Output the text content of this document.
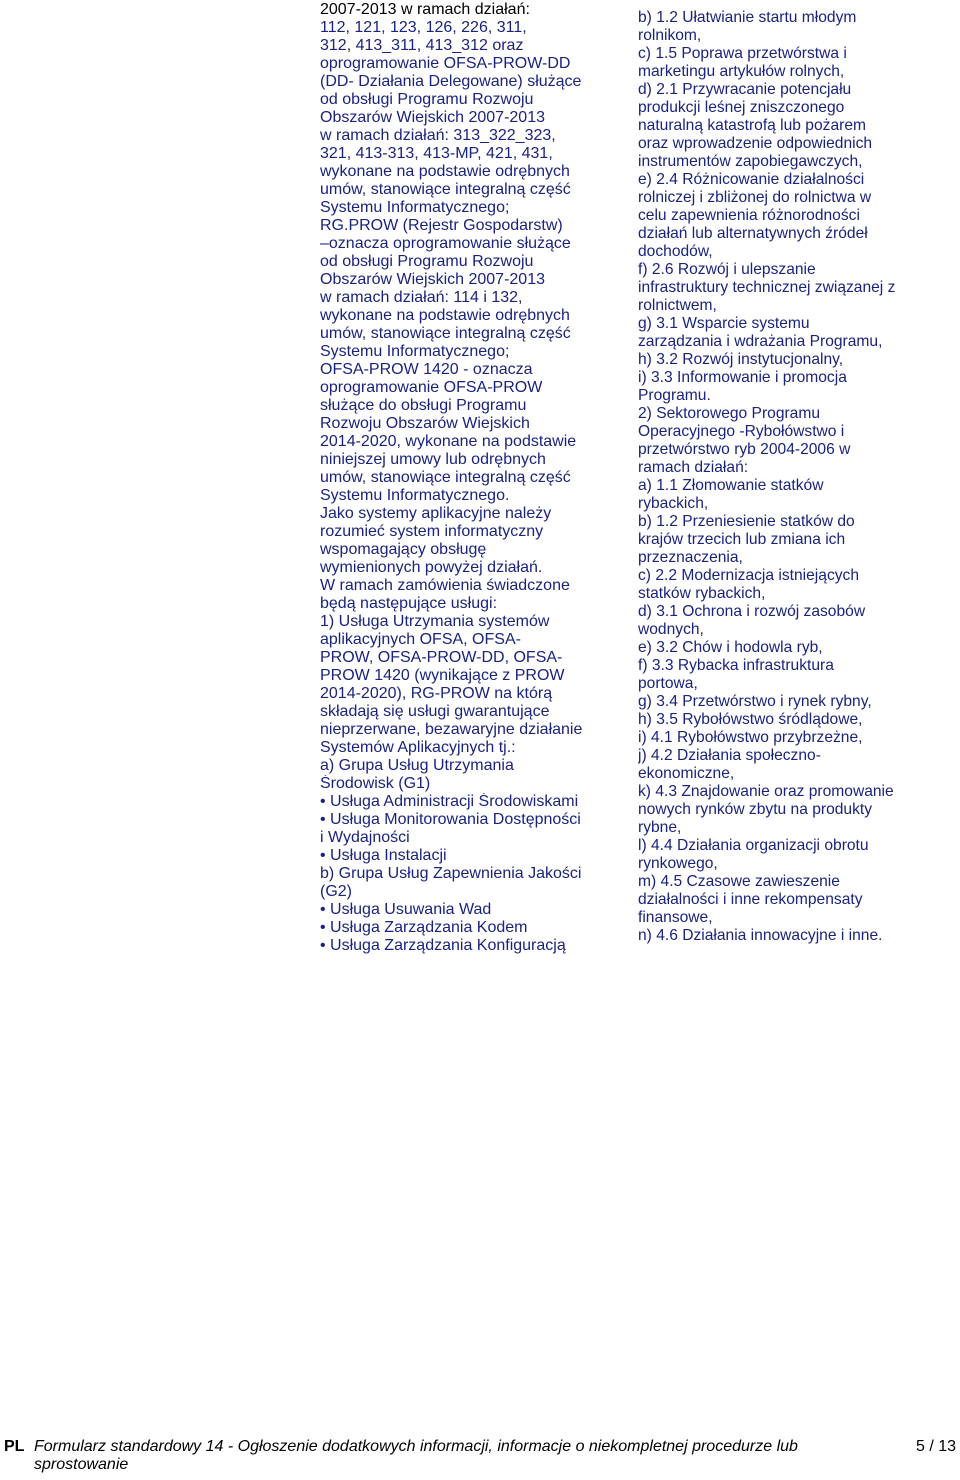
2007-2013 w ramach działań:
112, 121, 123, 126, 226, 311,
312, 413_311, 413_312 oraz
oprogramowanie OFSA-PROW-DD
(DD- Działania Delegowane) służące
od obsługi Programu Rozwoju
Obszarów Wiejskich 2007-2013
w ramach działań: 313_322_323,
321, 413-313, 413-MP, 421, 431,
wykonane na podstawie odrębnych
umów, stanowiące integralną część
Systemu Informatycznego;
RG.PROW (Rejestr Gospodarstw)
–oznacza oprogramowanie służące
od obsługi Programu Rozwoju
Obszarów Wiejskich 2007-2013
w ramach działań: 114 i 132,
wykonane na podstawie odrębnych
umów, stanowiące integralną część
Systemu Informatycznego;
OFSA-PROW 1420 - oznacza
oprogramowanie OFSA-PROW
służące do obsługi Programu
Rozwoju Obszarów Wiejskich
2014-2020, wykonane na podstawie
niniejszej umowy lub odrębnych
umów, stanowiące integralną część
Systemu Informatycznego.
Jako systemy aplikacyjne należy
rozumieć system informatyczny
wspomagający obsługę
wymienionych powyżej działań.
W ramach zamówienia świadczone
będą następujące usługi:
1) Usługa Utrzymania systemów
aplikacyjnych OFSA, OFSA-
PROW, OFSA-PROW-DD, OFSA-
PROW 1420 (wynikające z PROW
2014-2020), RG-PROW na którą
składają się usługi gwarantujące
nieprzerwane, bezawaryjne działanie
Systemów Aplikacyjnych tj.:
a) Grupa Usług Utrzymania
Środowisk (G1)
• Usługa Administracji Środowiskami
• Usługa Monitorowania Dostępności
i Wydajności
• Usługa Instalacji
b) Grupa Usług Zapewnienia Jakości
(G2)
• Usługa Usuwania Wad
• Usługa Zarządzania Kodem
• Usługa Zarządzania Konfiguracją
b) 1.2 Ułatwianie startu młodym
rolnikom,
c) 1.5 Poprawa przetwórstwa i
marketingu artykułów rolnych,
d) 2.1 Przywracanie potencjału
produkcji leśnej zniszczonego
naturalną katastrofą lub pożarem
oraz wprowadzenie odpowiednich
instrumentów zapobiegawczych,
e) 2.4 Różnicowanie działalności
rolniczej i zbliżonej do rolnictwa w
celu zapewnienia różnorodności
działań lub alternatywnych źródeł
dochodów,
f) 2.6 Rozwój i ulepszanie
infrastruktury technicznej związanej z
rolnictwem,
g) 3.1 Wsparcie systemu
zarządzania i wdrażania Programu,
h) 3.2 Rozwój instytucjonalny,
i) 3.3 Informowanie i promocja
Programu.
2) Sektorowego Programu
Operacyjnego -Rybołówstwo i
przetwórstwo ryb 2004-2006 w
ramach działań:
a) 1.1 Złomowanie statków
rybackich,
b) 1.2 Przeniesienie statków do
krajów trzecich lub zmiana ich
przeznaczenia,
c) 2.2 Modernizacja istniejących
statków rybackich,
d) 3.1 Ochrona i rozwój zasobów
wodnych,
e) 3.2 Chów i hodowla ryb,
f) 3.3 Rybacka infrastruktura
portowa,
g) 3.4 Przetwórstwo i rynek rybny,
h) 3.5 Rybołówstwo śródlądowe,
i) 4.1 Rybołówstwo przybrzeżne,
j) 4.2 Działania społeczno-
ekonomiczne,
k) 4.3 Znajdowanie oraz promowanie
nowych rynków zbytu na produkty
rybne,
l) 4.4 Działania organizacji obrotu
rynkowego,
m) 4.5 Czasowe zawieszenie
działalności i inne rekompensaty
finansowe,
n) 4.6 Działania innowacyjne i inne.
PL Formularz standardowy 14 - Ogłoszenie dodatkowych informacji, informacje o niekompletnej procedurze lub sprostowanie
5 / 13
